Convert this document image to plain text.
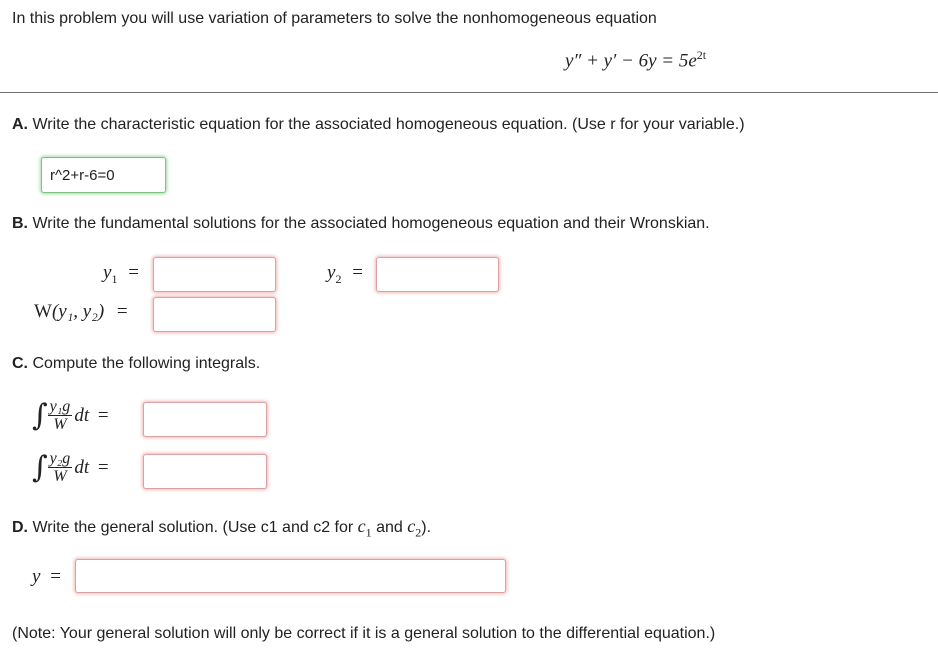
In this problem you will use variation of parameters to solve the nonhomogeneous equation
$y'' + y' - 6y = 5e^{2t}$
A. Write the characteristic equation for the associated homogeneous equation. (Use r for your variable.)
r^2+r-6=0
B. Write the fundamental solutions for the associated homogeneous equation and their Wronskian.
$y_1$ =	$y_2$ =
W(y₁, y₂) =
C. Compute the following integrals.
∫ $\frac{\text{y₁g}}{W}$ dt =
∫ $\frac{\text{y₂g}}{W}$ dt =
D. Write the general solution. (Use c1 and c2 for $c_1$ and $c_2$).
y =
(Note: Your general solution will only be correct if it is a general solution to the differential equation.)
